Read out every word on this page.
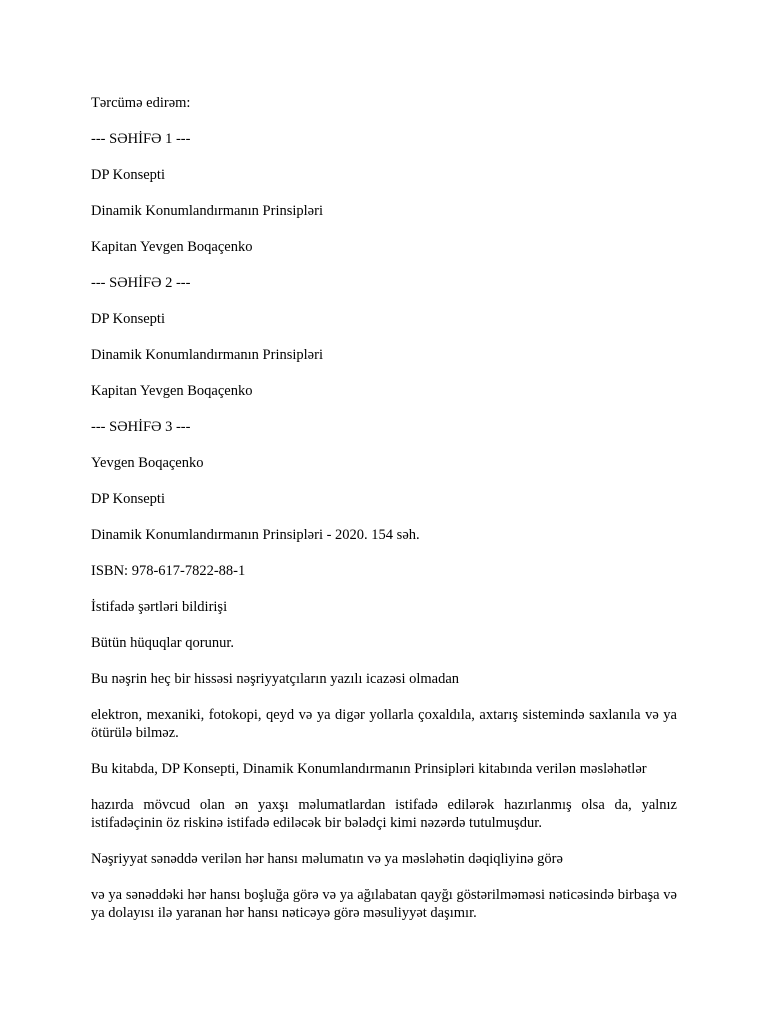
Tərcümə edirəm:

--- SƏHİFƏ 1 ---

DP Konsepti

Dinamik Konumlandırmanın Prinsipləri

Kapitan Yevgen Boqaçenko

--- SƏHİFƏ 2 ---

DP Konsepti

Dinamik Konumlandırmanın Prinsipləri

Kapitan Yevgen Boqaçenko

--- SƏHİFƏ 3 ---

Yevgen Boqaçenko

DP Konsepti

Dinamik Konumlandırmanın Prinsipləri - 2020. 154 səh.

ISBN: 978-617-7822-88-1

İstifadə şərtləri bildirişi

Bütün hüquqlar qorunur.

Bu nəşrin heç bir hissəsi nəşriyyatçıların yazılı icazəsi olmadan

elektron, mexaniki, fotokopi, qeyd və ya digər yollarla çoxaldıla, axtarış sistemində saxlanıla və ya ötürülə bilməz.

Bu kitabda, DP Konsepti, Dinamik Konumlandırmanın Prinsipləri kitabında verilən məsləhətlər

hazırda mövcud olan ən yaxşı məlumatlardan istifadə edilərək hazırlanmış olsa da, yalnız istifadəçinin öz riskinə istifadə ediləcək bir bələdçi kimi nəzərdə tutulmuşdur.

Nəşriyyat sənəddə verilən hər hansı məlumatın və ya məsləhətin dəqiqliyinə görə

və ya sənəddəki hər hansı boşluğa görə və ya ağılabatan qayğı göstərilməməsi nəticəsində birbaşa və ya dolayısı ilə yaranan hər hansı nəticəyə görə məsuliyyət daşımır.
